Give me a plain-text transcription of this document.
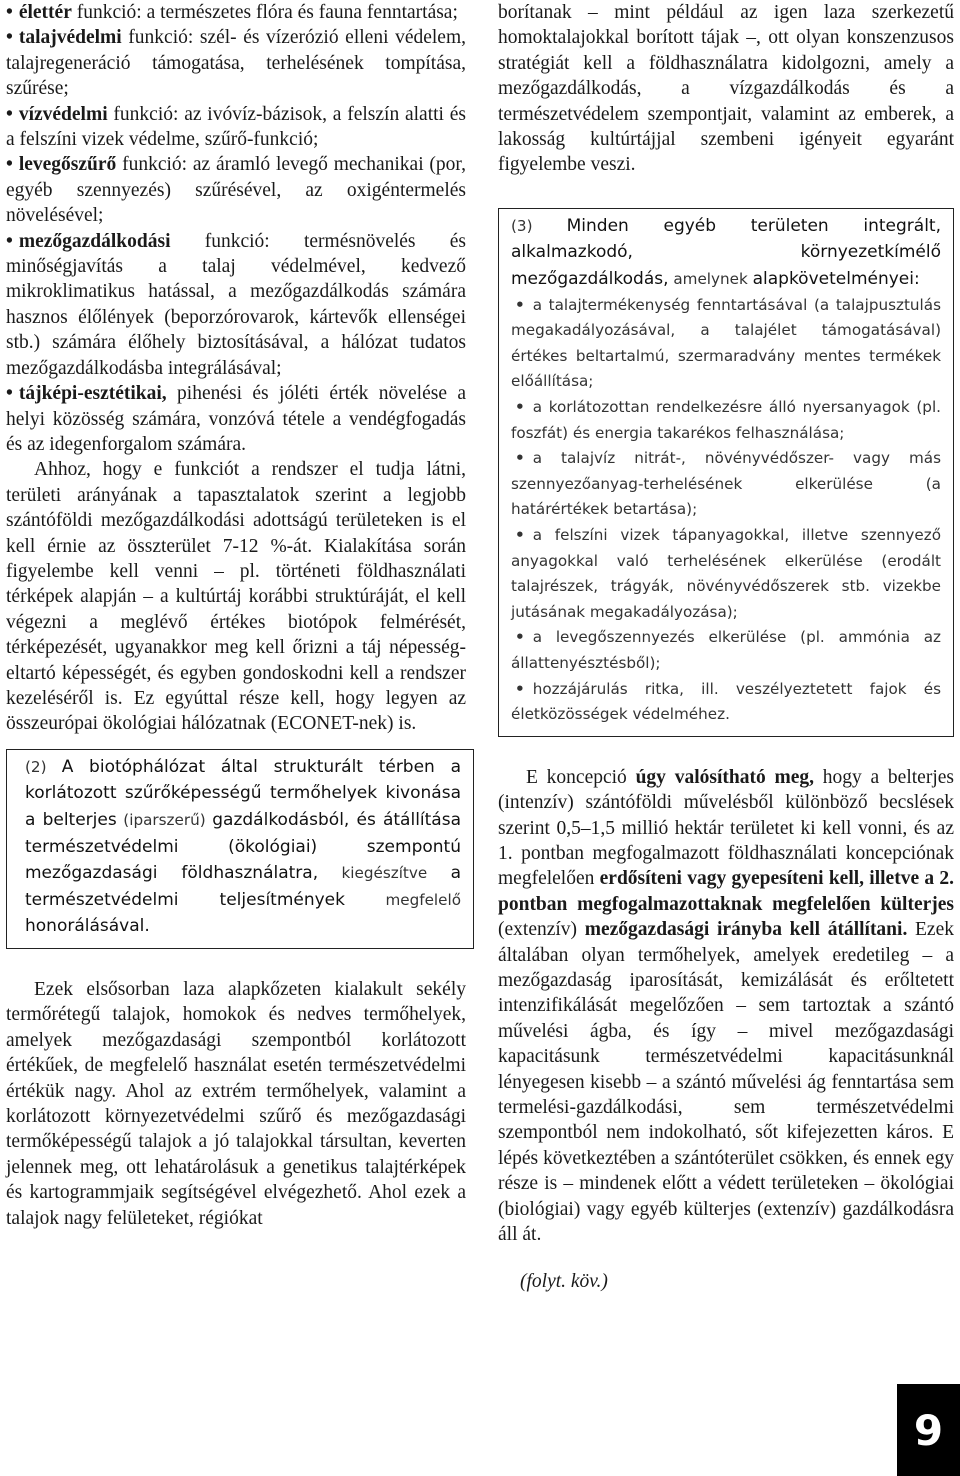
• élettér funkció: a természetes flóra és fauna fenntartása;

• talajvédelmi funkció: szél- és vízerózió elleni védelem, talajregeneráció támogatása, terhelésének tompítása, szűrése;

• vízvédelmi funkció: az ivóvíz-bázisok, a felszín alatti és a felszíni vizek védelme, szűrő-funkció;

• levegőszűrő funkció: az áramló levegő mechanikai (por, egyéb szennyezés) szűrésével, az oxigéntermelés növelésével;

• mezőgazdálkodási funkció: termésnövelés és minőségjavítás a talaj védelmével, kedvező mikroklimatikus hatással, a mezőgazdálkodás számára hasznos élőlények (beporzórovarok, kártevők ellenségei stb.) számára élőhely biztosításával, a hálózat tudatos mezőgazdálkodásba integrálásával;

• tájképi-esztétikai, pihenési és jóléti érték növelése a helyi közösség számára, vonzóvá tétele a vendégfogadás és az idegenforgalom számára.

Ahhoz, hogy e funkciót a rendszer el tudja látni, területi arányának a tapasztalatok szerint a legjobb szántóföldi mezőgazdálkodási adottságú területeken is el kell érnie az összterület 7-12 %-át. Kialakítása során figyelembe kell venni – pl. történeti földhasználati térképek alapján – a kultúrtáj korábbi struktúráját, el kell végezni a meglévő értékes biotópok felmérését, térképezését, ugyanakkor meg kell őrizni a táj népesség-eltartó képességét, és egyben gondoskodni kell a rendszer kezeléséről is. Ez egyúttal része kell, hogy legyen az összeurópai ökológiai hálózatnak (ECONET-nek) is.

(2) A biotóphálózat által strukturált térben a korlátozott szűrőképességű termőhelyek kivonása a belterjes (iparszerű) gazdálkodásból, és átállítása természetvédelmi (ökológiai) szempontú mezőgazdasági földhasználatra, kiegészítve a természetvédelmi teljesítmények megfelelő honorálásával.

Ezek elsősorban laza alapkőzeten kialakult sekély termőrétegű talajok, homokok és nedves termőhelyek, amelyek mezőgazdasági szempontból korlátozott értékűek, de megfelelő használat esetén természetvédelmi értékük nagy. Ahol az extrém termőhelyek, valamint a korlátozott környezetvédelmi szűrő és mezőgazdasági termőképességű talajok a jó talajokkal társultan, keverten jelennek meg, ott lehatárolásuk a genetikus talajtérképek és kartogrammjaik segítségével elvégezhető. Ahol ezek a talajok nagy felületeket, régiókat

borítanak – mint például az igen laza szerkezetű homoktalajokkal borított tájak –, ott olyan konszenzusos stratégiát kell a földhasználatra kidolgozni, amely a mezőgazdálkodás, a vízgazdálkodás és a természetvédelem szempontjait, valamint az emberek, a lakosság kultúrtájjal szembeni igényeit egyaránt figyelembe veszi.

(3) Minden egyéb területen integrált, alkalmazkodó, környezetkímélő mezőgazdálkodás, amelynek alapkövetelményei:

• a talajtermékenység fenntartásával (a talajpusztulás megakadályozásával, a talajélet támogatásával) értékes beltartalmú, szermaradvány mentes termékek előállítása;

• a korlátozottan rendelkezésre álló nyersanyagok (pl. foszfát) és energia takarékos felhasználása;

• a talajvíz nitrát-, növényvédőszer- vagy más szennyezőanyag-terhelésének elkerülése (a határértékek betartása);

• a felszíni vizek tápanyagokkal, illetve szennyező anyagokkal való terhelésének elkerülése (erodált talajrészek, trágyák, növényvédőszerek stb. vizekbe jutásának megakadályozása);

• a levegőszennyezés elkerülése (pl. ammónia az állattenyésztésből);

• hozzájárulás ritka, ill. veszélyeztetett fajok és életközösségek védelméhez.

E koncepció úgy valósítható meg, hogy a belterjes (intenzív) szántóföldi művelésből különböző becslések szerint 0,5–1,5 millió hektár területet ki kell vonni, és az 1. pontban megfogalmazott földhasználati koncepciónak megfelelően erdősíteni vagy gyepesíteni kell, illetve a 2. pontban megfogalmazottaknak megfelelően külterjes (extenzív) mezőgazdasági irányba kell átállítani. Ezek általában olyan termőhelyek, amelyek eredetileg – a mezőgazdaság iparosítását, kemizálását és erőltetett intenzifikálását megelőzően – sem tartoztak a szántó művelési ágba, és így – mivel mezőgazdasági kapacitásunk természetvédelmi kapacitásunknál lényegesen kisebb – a szántó művelési ág fenntartása sem termelési-gazdálkodási, sem természetvédelmi szempontból nem indokolható, sőt kifejezetten káros. E lépés következtében a szántóterület csökken, és ennek egy része is – mindenek előtt a védett területeken – ökológiai (biológiai) vagy egyéb külterjes (extenzív) gazdálkodásra áll át.

(folyt. köv.)

9
